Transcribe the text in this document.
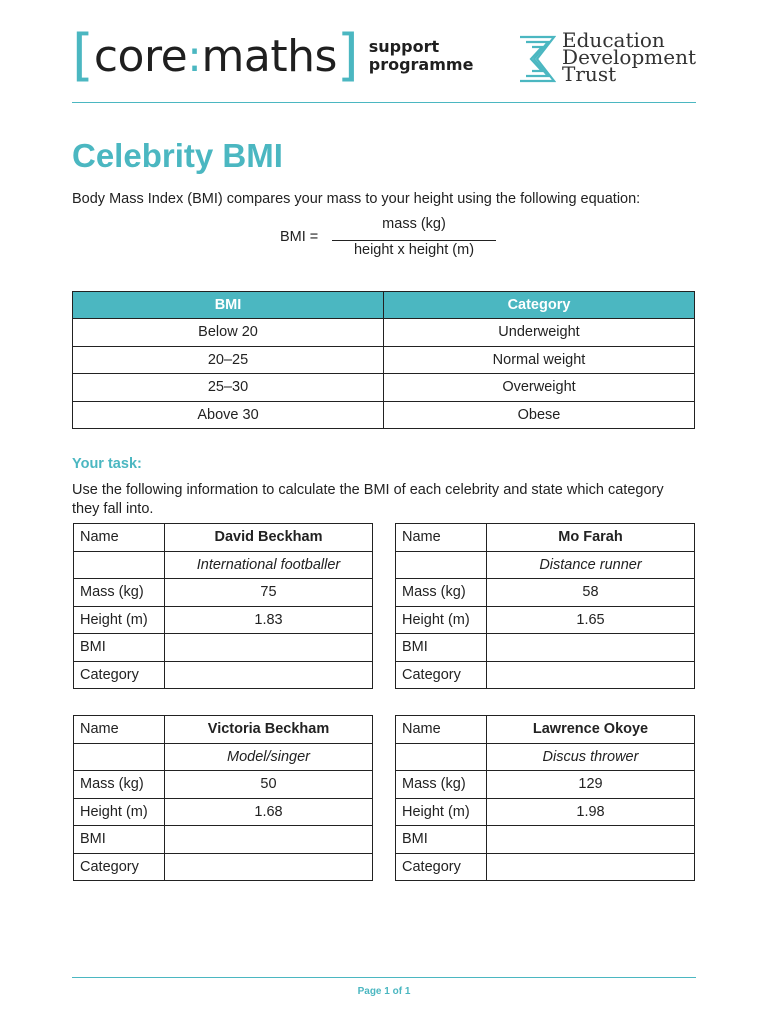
[ core : maths ] support
programme
Education
Development
Trust
Celebrity BMI
Body Mass Index (BMI) compares your mass to your height using the following equation:
BMI =
mass (kg)
height x height (m)
BMI	Category
Below 20	Underweight
20–25	Normal weight
25–30	Overweight
Above 30	Obese
Your task:
Use the following information to calculate the BMI of each celebrity and state which category they fall into.
Name	David Beckham
	International footballer
Mass (kg)	75
Height (m)	1.83
BMI	
Category	
Name	Mo Farah
	Distance runner
Mass (kg)	58
Height (m)	1.65
BMI	
Category	
Name	Victoria Beckham
	Model/singer
Mass (kg)	50
Height (m)	1.68
BMI	
Category	
Name	Lawrence Okoye
	Discus thrower
Mass (kg)	129
Height (m)	1.98
BMI	
Category	
Page 1 of 1
